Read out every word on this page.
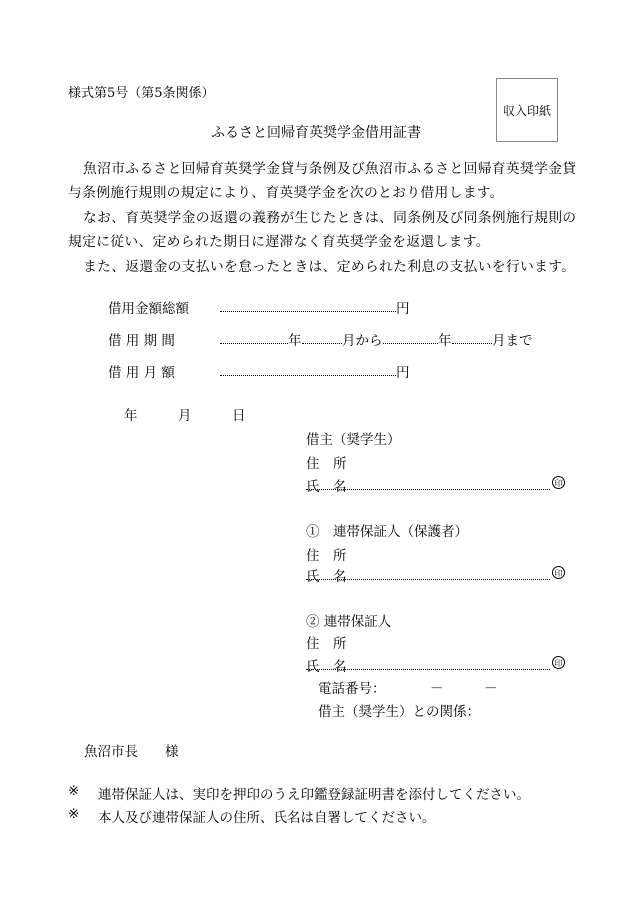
様式第5号（第5条関係）
収入印紙
ふるさと回帰育英奨学金借用証書
魚沼市ふるさと回帰育英奨学金貸与条例及び魚沼市ふるさと回帰育英奨学金貸
与条例施行規則の規定により、育英奨学金を次のとおり借用します。
なお、育英奨学金の返還の義務が生じたときは、同条例及び同条例施行規則の
規定に従い、定められた期日に遅滞なく育英奨学金を返還します。
また、返還金の支払いを怠ったときは、定められた利息の支払いを行います。
借用金額総額	円
借 用 期 間	年	月から	年	月まで
借 用 月 額	円
年	月	日
借主（奨学生）
住　所
氏　名	印
①　連帯保証人（保護者）
住　所
氏　名	印
② 連帯保証人
住　所
氏　名	印
電話番号：	－	－
借主（奨学生）との関係：
魚沼市長 様
※ 連帯保証人は、実印を押印のうえ印鑑登録証明書を添付してください。
※ 本人及び連帯保証人の住所、氏名は自署してください。
